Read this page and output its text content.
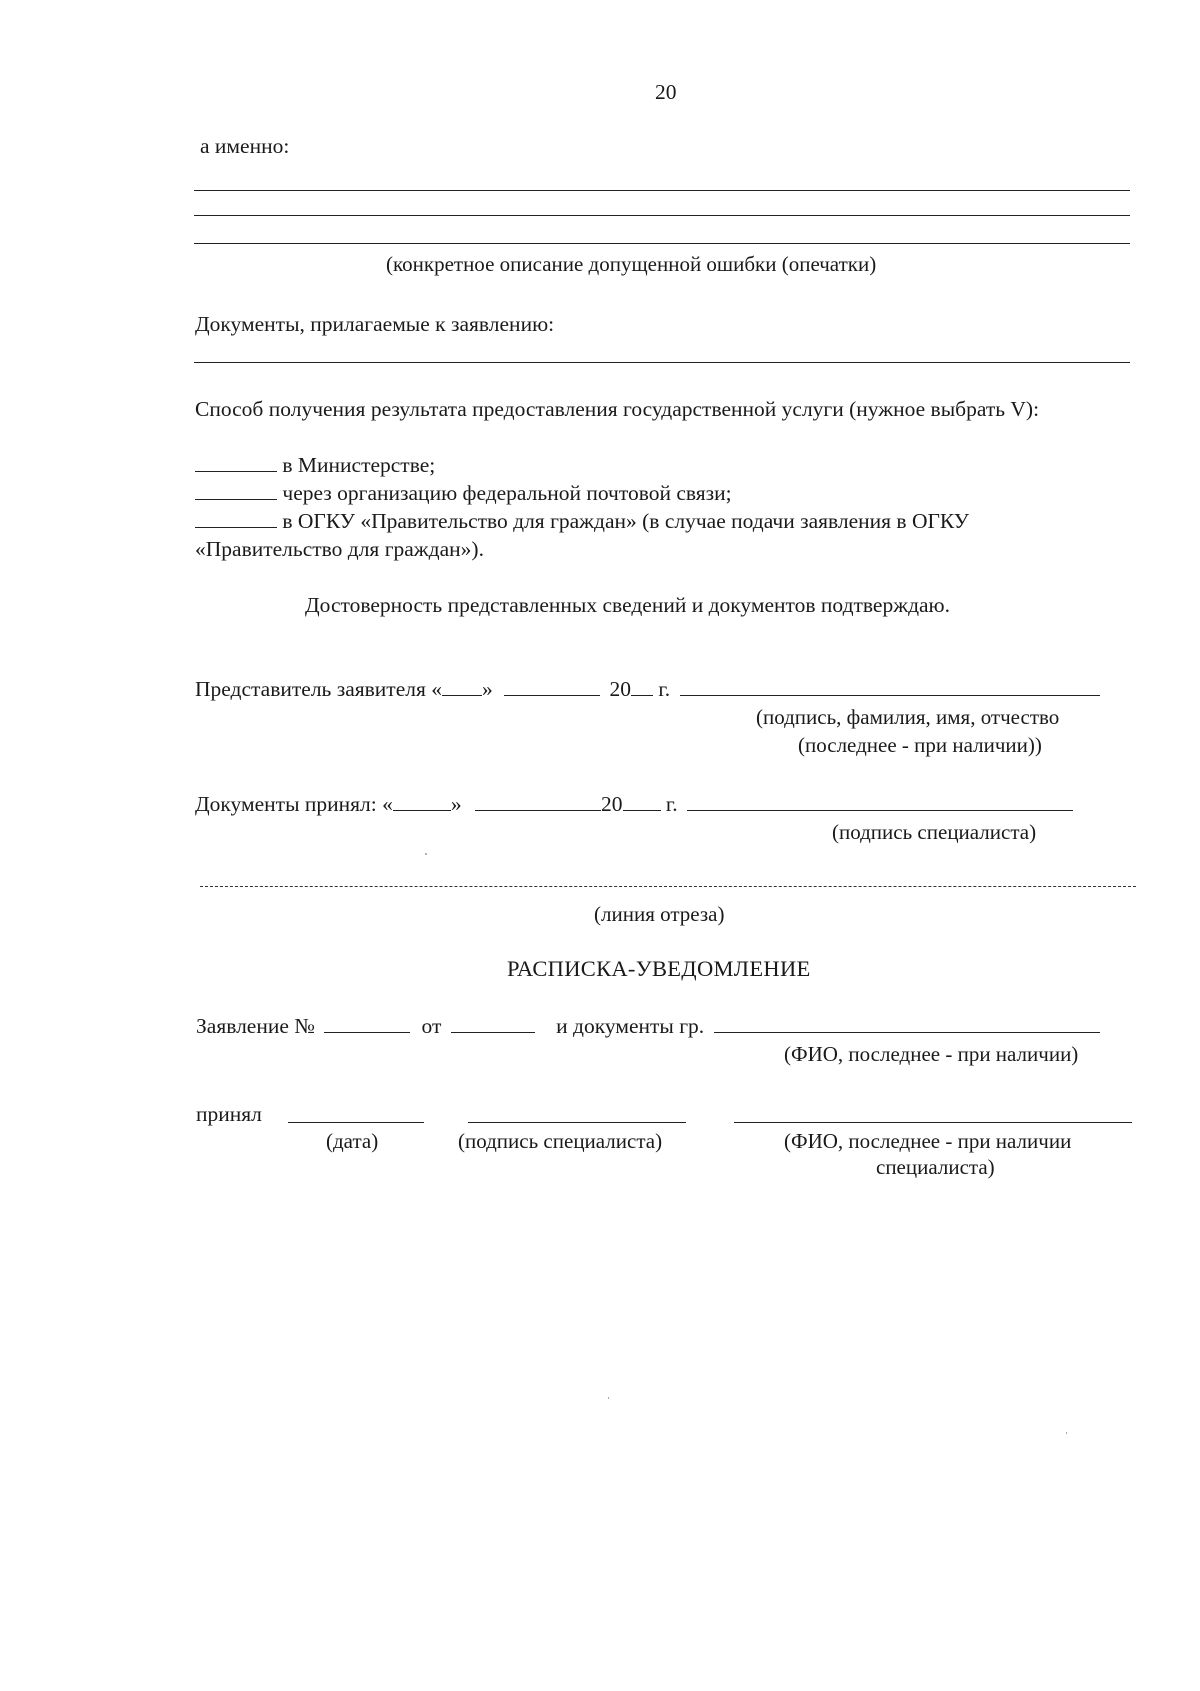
20
а именно:
(конкретное описание допущенной ошибки (опечатки)
Документы, прилагаемые к заявлению:
Способ получения результата предоставления государственной услуги (нужное выбрать V):
в Министерстве;
через организацию федеральной почтовой связи;
в ОГКУ «Правительство для граждан» (в случае подачи заявления в ОГКУ «Правительство для граждан»).
Достоверность представленных сведений и документов подтверждаю.
Представитель заявителя « »	20 г.
(подпись, фамилия, имя, отчество
(последнее - при наличии))
Документы принял: «	»	20 г.
(подпись специалиста)
(линия отреза)
РАСПИСКА-УВЕДОМЛЕНИЕ
Заявление №	от	и документы гр.
(ФИО, последнее - при наличии)
принял
(дата)	(подпись специалиста)	(ФИО, последнее - при наличии
специалиста)
